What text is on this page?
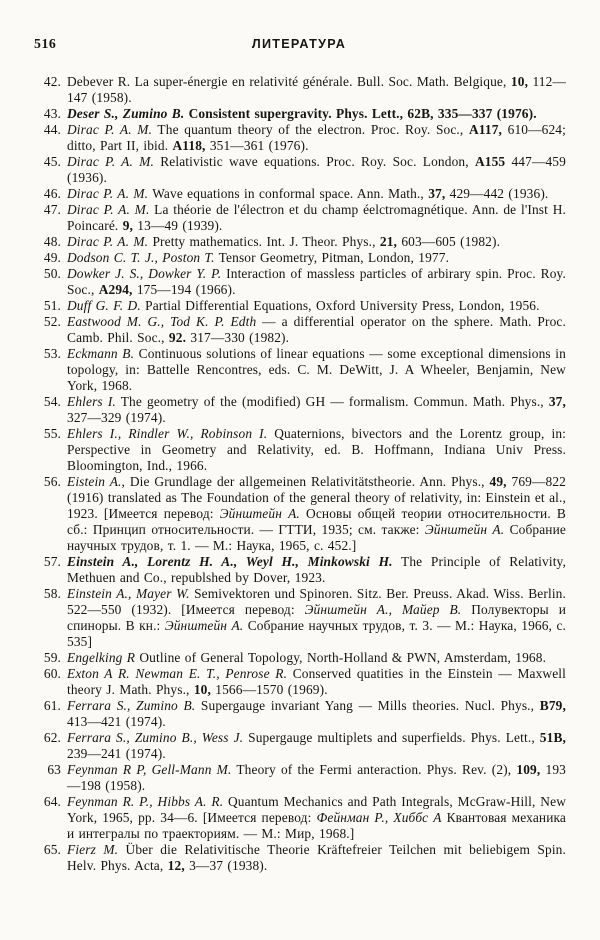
516	ЛИТЕРАТУРА
42. Debever R. La super-énergie en relativité générale. Bull. Soc. Math. Belgique, 10, 112—147 (1958).
43. Deser S., Zumino B. Consistent supergravity. Phys. Lett., 62B, 335—337 (1976).
44. Dirac P. A. M. The quantum theory of the electron. Proc. Roy. Soc., A117, 610—624; ditto, Part II, ibid. A118, 351—361 (1976).
45. Dirac P. A. M. Relativistic wave equations. Proc. Roy. Soc. London, A155 447—459 (1936).
46. Dirac P. A. M. Wave equations in conformal space. Ann. Math., 37, 429—442 (1936).
47. Dirac P. A. M. La théorie de l'électron et du champ éelctromagnétique. Ann. de l'Inst H. Poincaré. 9, 13—49 (1939).
48. Dirac P. A. M. Pretty mathematics. Int. J. Theor. Phys., 21, 603—605 (1982).
49. Dodson C. T. J., Poston T. Tensor Geometry, Pitman, London, 1977.
50. Dowker J. S., Dowker Y. P. Interaction of massless particles of arbirary spin. Proc. Roy. Soc., A294, 175—194 (1966).
51. Duff G. F. D. Partial Differential Equations, Oxford University Press, London, 1956.
52. Eastwood M. G., Tod K. P. Edth — a differential operator on the sphere. Math. Proc. Camb. Phil. Soc., 92. 317—330 (1982).
53. Eckmann B. Continuous solutions of linear equations — some exceptional dimensions in topology, in: Battelle Rencontres, eds. C. M. DeWitt, J. A Wheeler, Benjamin, New York, 1968.
54. Ehlers I. The geometry of the (modified) GH — formalism. Commun. Math. Phys., 37, 327—329 (1974).
55. Ehlers I., Rindler W., Robinson I. Quaternions, bivectors and the Lorentz group, in: Perspective in Geometry and Relativity, ed. B. Hoffmann, Indiana Univ Press. Bloomington, Ind., 1966.
56. Eistein A., Die Grundlage der allgemeinen Relativitätstheorie. Ann. Phys., 49, 769—822 (1916) translated as The Foundation of the general theory of relativity, in: Einstein et al., 1923. [Имеется перевод: Эйнштейн А. Основы общей теории относительности. В сб.: Принцип относительности. — ГТТИ, 1935; см. также: Эйнштейн А. Собрание научных трудов, т. 1. — М.: Наука, 1965, с. 452.]
57. Einstein A., Lorentz H. A., Weyl H., Minkowski H. The Principle of Relativity, Methuen and Co., republshed by Dover, 1923.
58. Einstein A., Mayer W. Semivektoren und Spinoren. Sitz. Ber. Preuss. Akad. Wiss. Berlin. 522—550 (1932). [Имеется перевод: Эйнштейн А., Майер В. Полувекторы и спиноры. В кн.: Эйнштейн А. Собрание научных трудов, т. 3. — М.: Наука, 1966, с. 535]
59. Engelking R Outline of General Topology, North-Holland & PWN, Amsterdam, 1968.
60. Exton A R. Newman E. T., Penrose R. Conserved quatities in the Einstein — Maxwell theory J. Math. Phys., 10, 1566—1570 (1969).
61. Ferrara S., Zumino B. Supergauge invariant Yang — Mills theories. Nucl. Phys., B79, 413—421 (1974).
62. Ferrara S., Zumino B., Wess J. Supergauge multiplets and superfields. Phys. Lett., 51B, 239—241 (1974).
63 Feynman R P, Gell-Mann M. Theory of the Fermi anteraction. Phys. Rev. (2), 109, 193—198 (1958).
64. Feynman R. P., Hibbs A. R. Quantum Mechanics and Path Integrals, McGraw-Hill, New York, 1965, pp. 34—6. [Имеется перевод: Фейнман Р., Хиббс А Квантовая механика и интегралы по траекториям. — М.: Мир, 1968.]
65. Fierz M. Über die Relativitische Theorie Kräftefreier Teilchen mit beliebigem Spin. Helv. Phys. Acta, 12, 3—37 (1938).
